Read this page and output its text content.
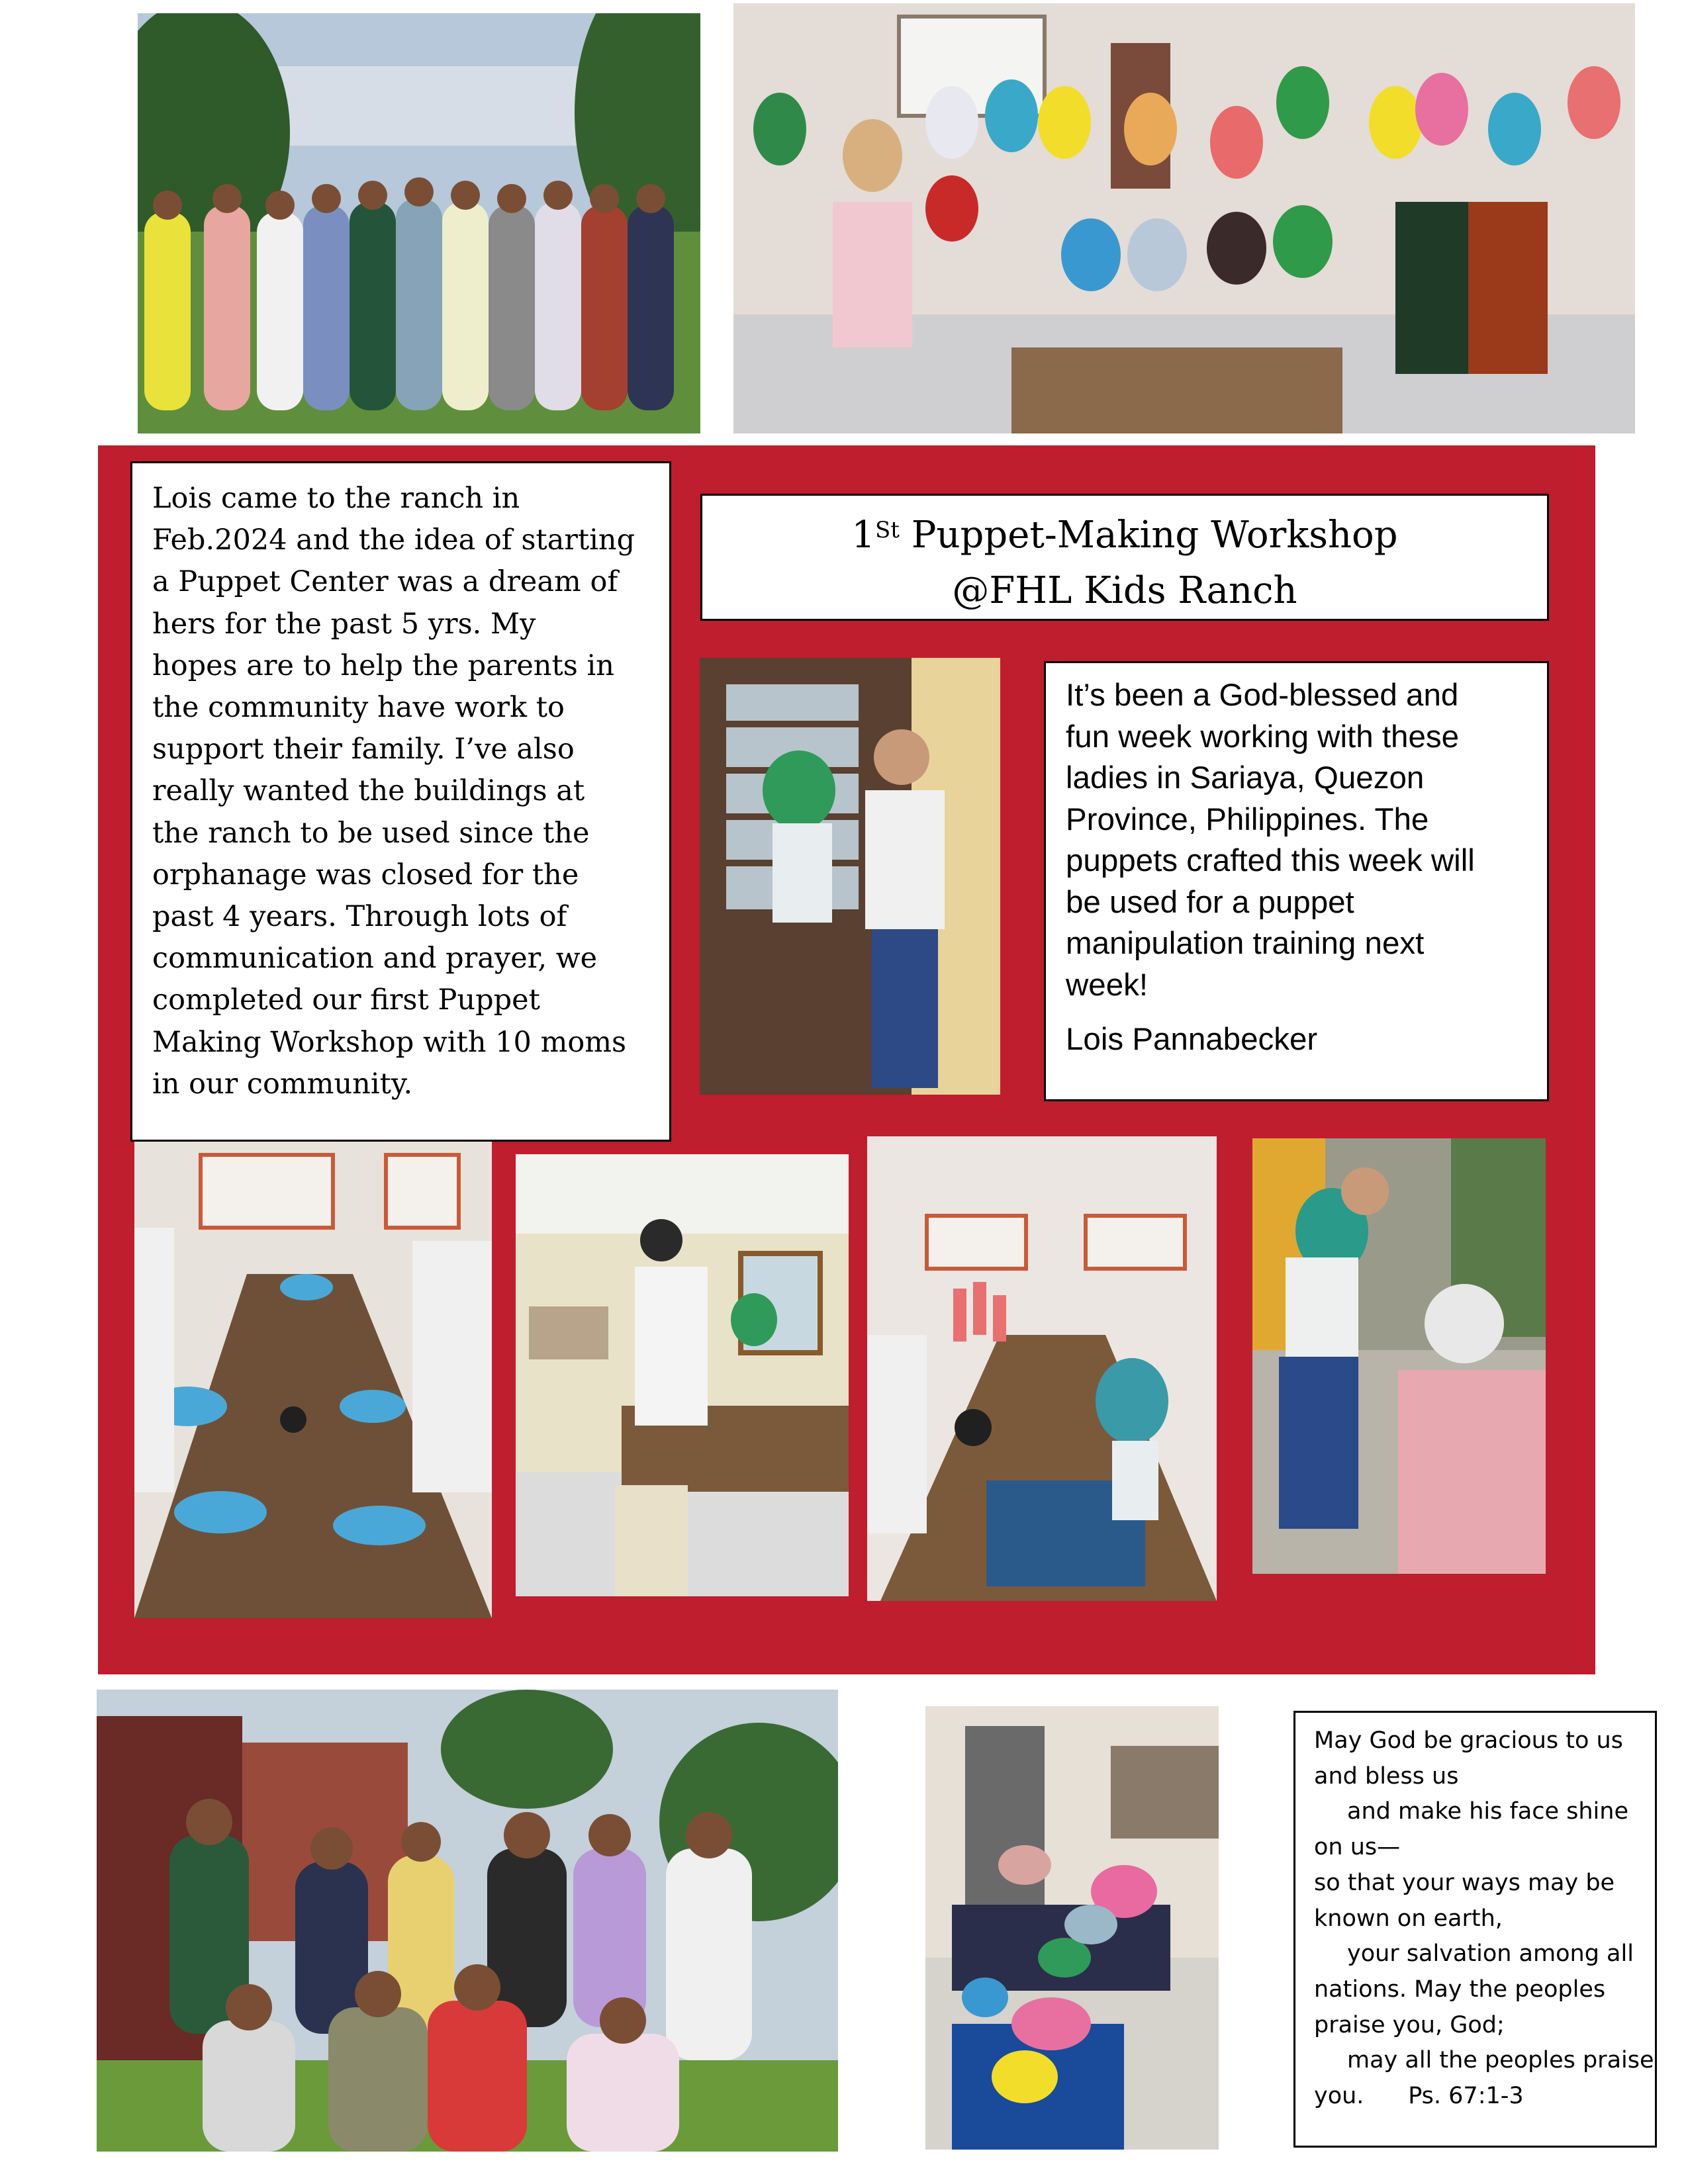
Lois came to the ranch in
Feb.2024 and the idea of starting
a Puppet Center was a dream of
hers for the past 5 yrs. My
hopes are to help the parents in
the community have work to
support their family. I’ve also
really wanted the buildings at
the ranch to be used since the
orphanage was closed for the
past 4 years. Through lots of
communication and prayer, we
completed our first Puppet
Making Workshop with 10 moms
in our community.
1St Puppet-Making Workshop
@FHL Kids Ranch
It’s been a God-blessed and
fun week working with these
ladies in Sariaya, Quezon
Province, Philippines. The
puppets crafted this week will
be used for a puppet
manipulation training next
week!
Lois Pannabecker
May God be gracious to us
and bless us
and make his face shine
on us—
so that your ways may be
known on earth,
your salvation among all
nations. May the peoples
praise you, God;
may all the peoples praise
you.      Ps. 67:1-3
